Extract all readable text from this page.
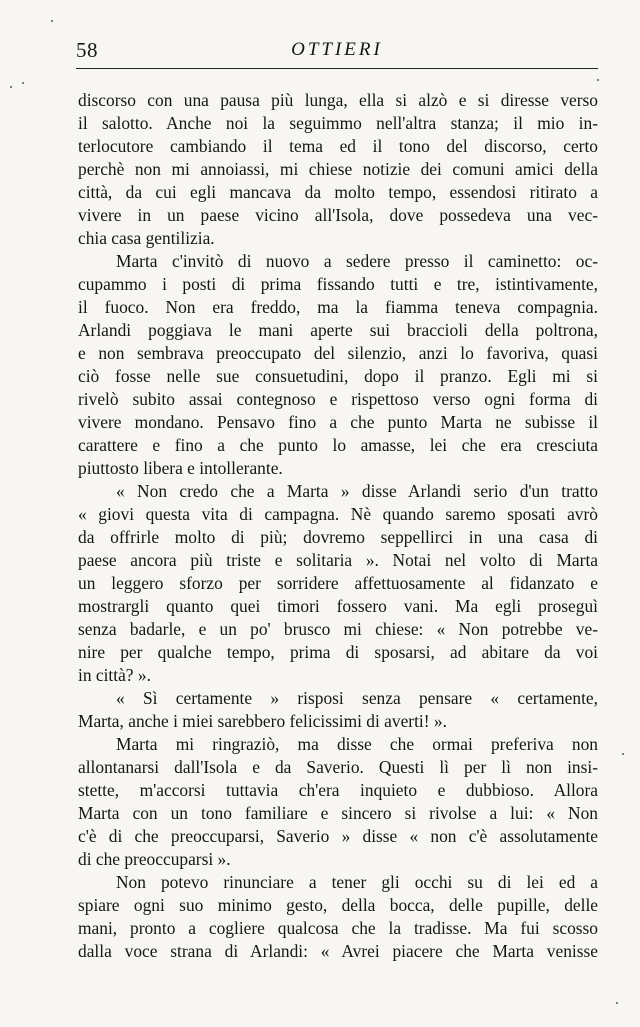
58	OTTIERI
discorso con una pausa più lunga, ella si alzò e si diresse verso
il salotto. Anche noi la seguimmo nell'altra stanza; il mio in-
terlocutore cambiando il tema ed il tono del discorso, certo
perchè non mi annoiassi, mi chiese notizie dei comuni amici della
città, da cui egli mancava da molto tempo, essendosi ritirato a
vivere in un paese vicino all'Isola, dove possedeva una vec-
chia casa gentilizia.
Marta c'invitò di nuovo a sedere presso il caminetto: oc-
cupammo i posti di prima fissando tutti e tre, istintivamente,
il fuoco. Non era freddo, ma la fiamma teneva compagnia.
Arlandi poggiava le mani aperte sui braccioli della poltrona,
e non sembrava preoccupato del silenzio, anzi lo favoriva, quasi
ciò fosse nelle sue consuetudini, dopo il pranzo. Egli mi si
rivelò subito assai contegnoso e rispettoso verso ogni forma di
vivere mondano. Pensavo fino a che punto Marta ne subisse il
carattere e fino a che punto lo amasse, lei che era cresciuta
piuttosto libera e intollerante.
« Non credo che a Marta » disse Arlandi serio d'un tratto
« giovi questa vita di campagna. Nè quando saremo sposati avrò
da offrirle molto di più; dovremo seppellirci in una casa di
paese ancora più triste e solitaria ». Notai nel volto di Marta
un leggero sforzo per sorridere affettuosamente al fidanzato e
mostrargli quanto quei timori fossero vani. Ma egli proseguì
senza badarle, e un po' brusco mi chiese: « Non potrebbe ve-
nire per qualche tempo, prima di sposarsi, ad abitare da voi
in città? ».
« Sì certamente » risposi senza pensare « certamente,
Marta, anche i miei sarebbero felicissimi di averti! ».
Marta mi ringraziò, ma disse che ormai preferiva non
allontanarsi dall'Isola e da Saverio. Questi lì per lì non insi-
stette, m'accorsi tuttavia ch'era inquieto e dubbioso. Allora
Marta con un tono familiare e sincero si rivolse a lui: « Non
c'è di che preoccuparsi, Saverio » disse « non c'è assolutamente
di che preoccuparsi ».
Non potevo rinunciare a tener gli occhi su di lei ed a
spiare ogni suo minimo gesto, della bocca, delle pupille, delle
mani, pronto a cogliere qualcosa che la tradisse. Ma fui scosso
dalla voce strana di Arlandi: « Avrei piacere che Marta venisse
